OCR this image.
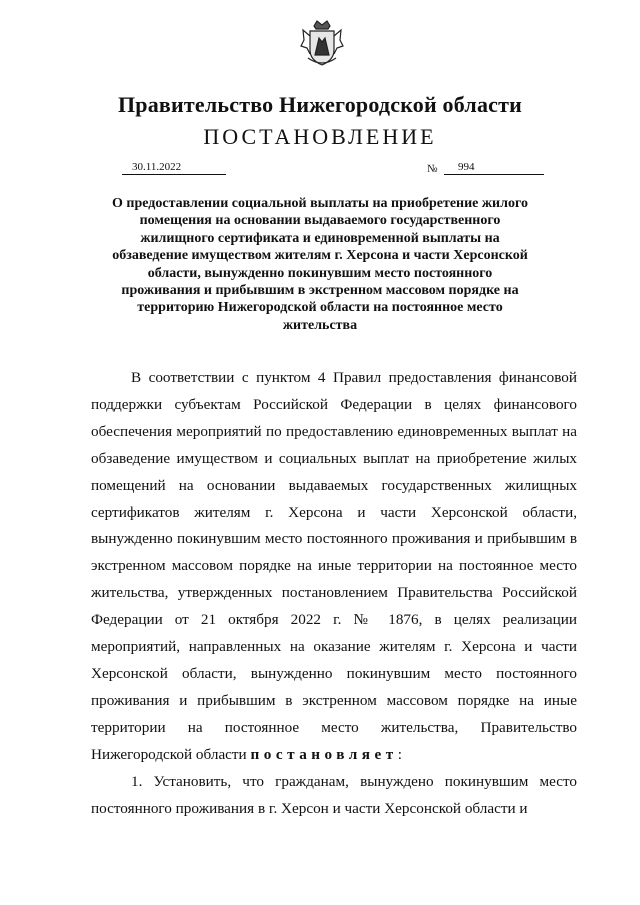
Правительство Нижегородской области
ПОСТАНОВЛЕНИЕ
30.11.2022	№	994
О предоставлении социальной выплаты на приобретение жилого помещения на основании выдаваемого государственного жилищного сертификата и единовременной выплаты на обзаведение имуществом жителям г. Херсона и части Херсонской области, вынужденно покинувшим место постоянного проживания и прибывшим в экстренном массовом порядке на территорию Нижегородской области на постоянное место жительства

В соответствии с пунктом 4 Правил предоставления финансовой поддержки субъектам Российской Федерации в целях финансового обеспечения мероприятий по предоставлению единовременных выплат на обзаведение имуществом и социальных выплат на приобретение жилых помещений на основании выдаваемых государственных жилищных сертификатов жителям г. Херсона и части Херсонской области, вынужденно покинувшим место постоянного проживания и прибывшим в экстренном массовом порядке на иные территории на постоянное место жительства, утвержденных постановлением Правительства Российской Федерации от 21 октября 2022 г. № 1876, в целях реализации мероприятий, направленных на оказание жителям г. Херсона и части Херсонской области, вынужденно покинувшим место постоянного проживания и прибывшим в экстренном массовом порядке на иные территории на постоянное место жительства, Правительство Нижегородской области постановляет:

1. Установить, что гражданам, вынуждено покинувшим место постоянного проживания в г. Херсон и части Херсонской области и
